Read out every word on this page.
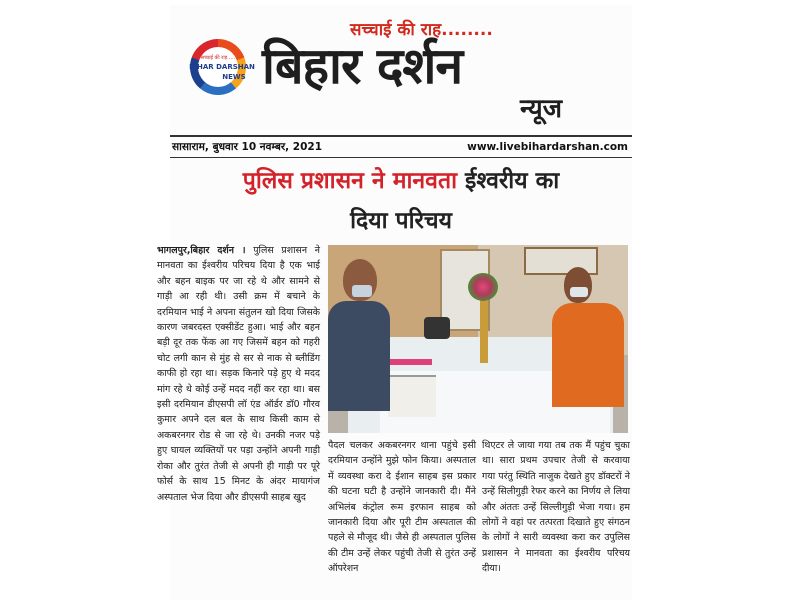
सच्चाई की राह.....
BIHAR DARSHAN
NEWS
सच्चाई की राह........
बिहार दर्शन
न्यूज
सासाराम, बुधवार 10 नवम्बर, 2021	www.livebihardarshan.com
पुलिस प्रशासन ने मानवता ईश्वरीय का
दिया परिचय
भागलपुर,बिहार दर्शन । पुलिस प्रशासन ने मानवता का ईश्वरीय परिचय दिया है एक भाई और बहन बाइक पर जा रहे थे और सामने से गाड़ी आ रही थी। उसी क्रम में बचाने के दरमियान भाई ने अपना संतुलन खो दिया जिसके कारण जबरदस्त एक्सीडेंट हुआ। भाई और बहन बड़ी दूर तक फेंक आ गए जिसमें बहन को गहरी चोट लगी कान से मुंह से सर से नाक से ब्लीडिंग काफी हो रहा था। सड़क किनारे पड़े हुए थे मदद मांग रहे थे कोई उन्हें मदद नहीं कर रहा था। बस इसी दरमियान डीएसपी लॉ एंड ऑर्डर डॉ0 गौरव कुमार अपने दल बल के साथ किसी काम से अकबरनगर रोड से जा रहे थे। उनकी नजर पड़े हुए घायल व्यक्तियों पर पड़ा उन्होंने अपनी गाड़ी रोका और तुरंत तेजी से अपनी ही गाड़ी पर पूरे फोर्स के साथ 15 मिनट के अंदर मायागंज अस्पताल भेज दिया और डीएसपी साहब खुद
पैदल चलकर अकबरनगर थाना पहुंचे इसी दरमियान उन्होंने मुझे फोन किया। अस्पताल में व्यवस्था करा दे ईशान साहब इस प्रकार की घटना घटी है उन्होंने जानकारी दी। मैंने अभिलंब कंट्रोल रूम इरफान साहब को जानकारी दिया और पूरी टीम अस्पताल की पहले से मौजूद थी। जैसे ही अस्पताल पुलिस की टीम उन्हें लेकर पहुंची तेजी से तुरंत उन्हें ऑपरेशन
थिएटर ले जाया गया तब तक मैं पहुंच चुका था। सारा प्रथम उपचार तेजी से करवाया गया परंतु स्थिति नाजुक देखते हुए डॉक्टरों ने उन्हें सिलीगुड़ी रेफर करने का निर्णय ले लिया और अंततः उन्हें सिल्लीगुड़ी भेजा गया। हम लोगों ने वहां पर तत्परता दिखाते हुए संगठन के लोगों ने सारी व्यवस्था करा कर उपुलिस प्रशासन ने मानवता का ईश्वरीय परिचय दीया।
